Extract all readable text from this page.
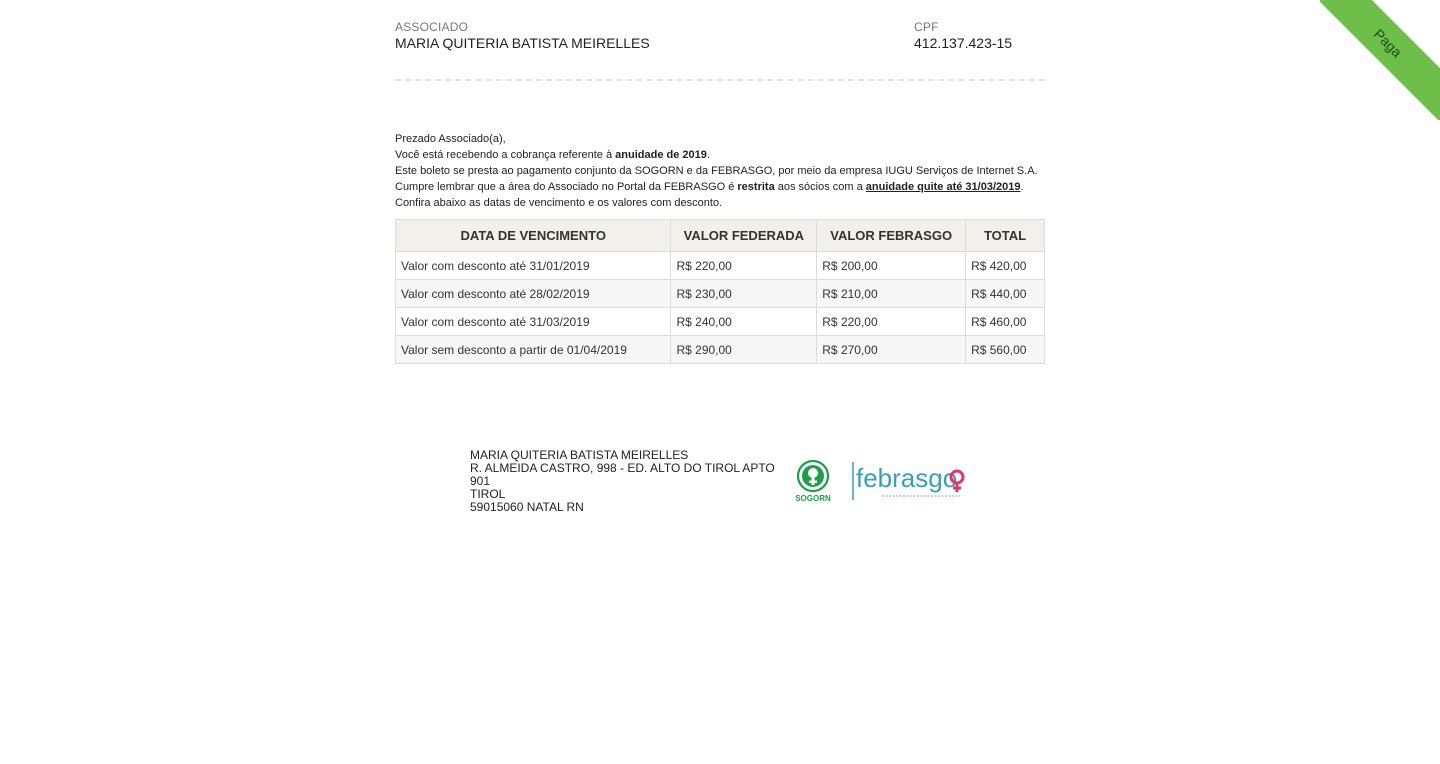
Paga
ASSOCIADO
MARIA QUITERIA BATISTA MEIRELLES
CPF
412.137.423-15

Prezado Associado(a),

Você está recebendo a cobrança referente à anuidade de 2019.

Este boleto se presta ao pagamento conjunto da SOGORN e da FEBRASGO, por meio da empresa IUGU Serviços de Internet S.A.

Cumpre lembrar que a área do Associado no Portal da FEBRASGO é restrita aos sócios com a anuidade quite até 31/03/2019.

Confira abaixo as datas de vencimento e os valores com desconto.

DATA DE VENCIMENTO	VALOR FEDERADA	VALOR FEBRASGO	TOTAL
Valor com desconto até 31/01/2019	R$ 220,00	R$ 200,00	R$ 420,00
Valor com desconto até 28/02/2019	R$ 230,00	R$ 210,00	R$ 440,00
Valor com desconto até 31/03/2019	R$ 240,00	R$ 220,00	R$ 460,00
Valor sem desconto a partir de 01/04/2019	R$ 290,00	R$ 270,00	R$ 560,00
MARIA QUITERIA BATISTA MEIRELLES
R. ALMEIDA CASTRO, 998 - ED. ALTO DO TIROL APTO 901
TIROL
59015060 NATAL RN
SOGORN
febrasgo
